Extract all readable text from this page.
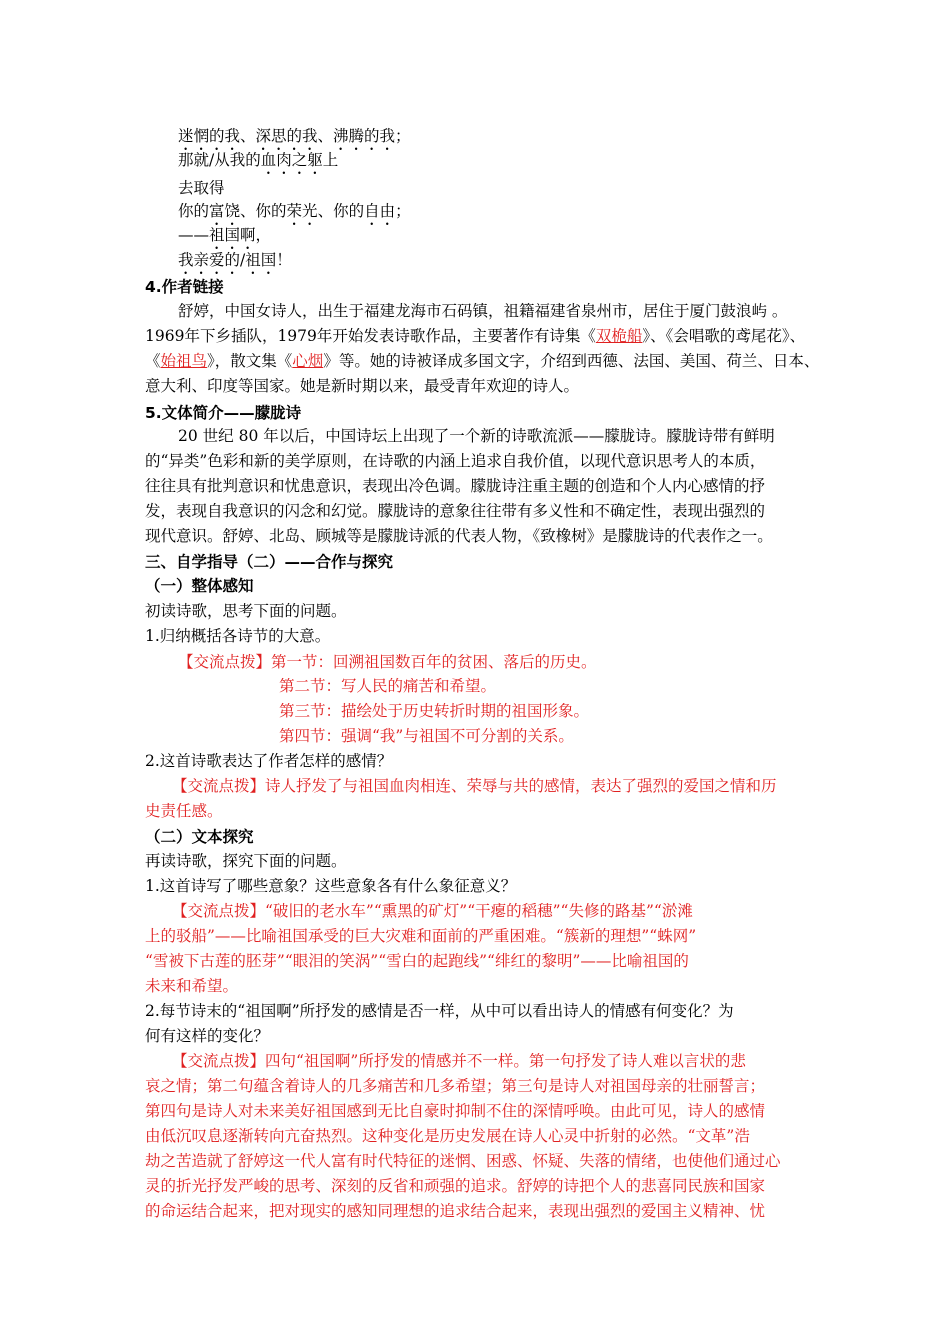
迷惘的我、深思的我、沸腾的我；
那就/从我的血肉之躯上
去取得
你的富饶、你的荣光、你的自由；
——祖国啊，
我亲爱的/祖国！
4.作者链接
舒婷，中国女诗人，出生于福建龙海市石码镇，祖籍福建省泉州市，居住于厦门鼓浪屿 。
1969年下乡插队，1979年开始发表诗歌作品，主要著作有诗集《双桅船》、《会唱歌的鸢尾花》、
《始祖鸟》，散文集《心烟》等。她的诗被译成多国文字，介绍到西德、法国、美国、荷兰、日本、
意大利、印度等国家。她是新时期以来，最受青年欢迎的诗人。
5.文体简介——朦胧诗
20 世纪 80 年以后，中国诗坛上出现了一个新的诗歌流派——朦胧诗。朦胧诗带有鲜明
的“异类”色彩和新的美学原则，在诗歌的内涵上追求自我价值，以现代意识思考人的本质，
往往具有批判意识和忧患意识，表现出冷色调。朦胧诗注重主题的创造和个人内心感情的抒
发，表现自我意识的闪念和幻觉。朦胧诗的意象往往带有多义性和不确定性，表现出强烈的
现代意识。舒婷、北岛、顾城等是朦胧诗派的代表人物，《致橡树》是朦胧诗的代表作之一。
三、自学指导（二）——合作与探究
（一）整体感知
初读诗歌，思考下面的问题。
1.归纳概括各诗节的大意。
【交流点拨】第一节：回溯祖国数百年的贫困、落后的历史。
第二节：写人民的痛苦和希望。
第三节：描绘处于历史转折时期的祖国形象。
第四节：强调“我”与祖国不可分割的关系。
2.这首诗歌表达了作者怎样的感情？
【交流点拨】诗人抒发了与祖国血肉相连、荣辱与共的感情，表达了强烈的爱国之情和历
史责任感。
（二）文本探究
再读诗歌，探究下面的问题。
1.这首诗写了哪些意象？这些意象各有什么象征意义？
【交流点拨】“破旧的老水车”“熏黑的矿灯”“干瘪的稻穗”“失修的路基”“淤滩
上的驳船”——比喻祖国承受的巨大灾难和面前的严重困难。“簇新的理想”“蛛网”
“雪被下古莲的胚芽”“眼泪的笑涡”“雪白的起跑线”“绯红的黎明”——比喻祖国的
未来和希望。
2.每节诗末的“祖国啊”所抒发的感情是否一样，从中可以看出诗人的情感有何变化？为
何有这样的变化？
【交流点拨】四句“祖国啊”所抒发的情感并不一样。第一句抒发了诗人难以言状的悲
哀之情；第二句蕴含着诗人的几多痛苦和几多希望；第三句是诗人对祖国母亲的壮丽誓言；
第四句是诗人对未来美好祖国感到无比自豪时抑制不住的深情呼唤。由此可见，诗人的感情
由低沉叹息逐渐转向亢奋热烈。这种变化是历史发展在诗人心灵中折射的必然。“文革”浩
劫之苦造就了舒婷这一代人富有时代特征的迷惘、困惑、怀疑、失落的情绪，也使他们通过心
灵的折光抒发严峻的思考、深刻的反省和顽强的追求。舒婷的诗把个人的悲喜同民族和国家
的命运结合起来，把对现实的感知同理想的追求结合起来，表现出强烈的爱国主义精神、忧
